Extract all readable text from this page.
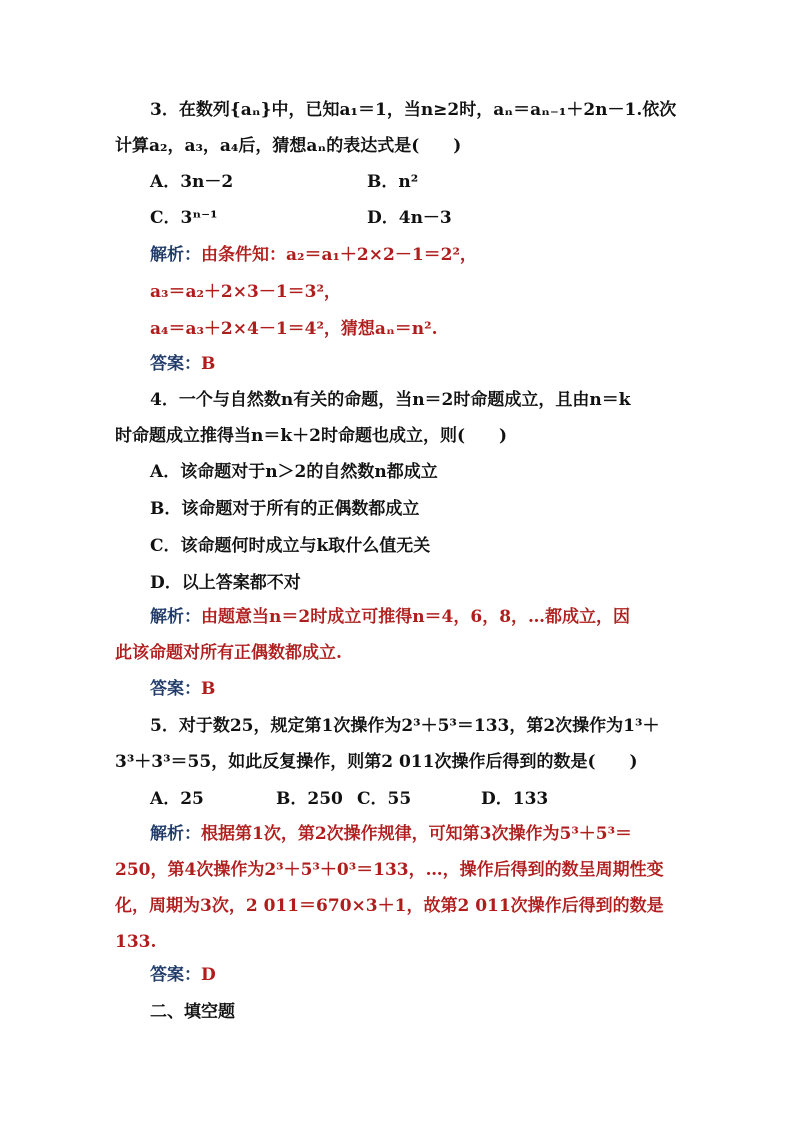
3．在数列{aₙ}中，已知a₁＝1，当n≥2时，aₙ＝aₙ₋₁＋2n－1.依次
计算a₂，a₃，a₄后，猜想aₙ的表达式是(　　)
A．3n－2	B．n²
C．3ⁿ⁻¹	D．4n－3
解析：由条件知：a₂＝a₁＋2×2－1＝2²，
a₃＝a₂＋2×3－1＝3²，
a₄＝a₃＋2×4－1＝4²，猜想aₙ＝n².
答案：B
4．一个与自然数n有关的命题，当n＝2时命题成立，且由n＝k
时命题成立推得当n＝k＋2时命题也成立，则(　　)
A．该命题对于n＞2的自然数n都成立
B．该命题对于所有的正偶数都成立
C．该命题何时成立与k取什么值无关
D．以上答案都不对
解析：由题意当n＝2时成立可推得n＝4，6，8，…都成立，因
此该命题对所有正偶数都成立.
答案：B
5．对于数25，规定第1次操作为2³＋5³＝133，第2次操作为1³＋
3³＋3³＝55，如此反复操作，则第2 011次操作后得到的数是(　　)
A．25	B．250 C．55	D．133
解析：根据第1次，第2次操作规律，可知第3次操作为5³＋5³＝
250，第4次操作为2³＋5³＋0³＝133，…，操作后得到的数呈周期性变
化，周期为3次，2 011＝670×3＋1，故第2 011次操作后得到的数是
133.
答案：D
二、填空题
